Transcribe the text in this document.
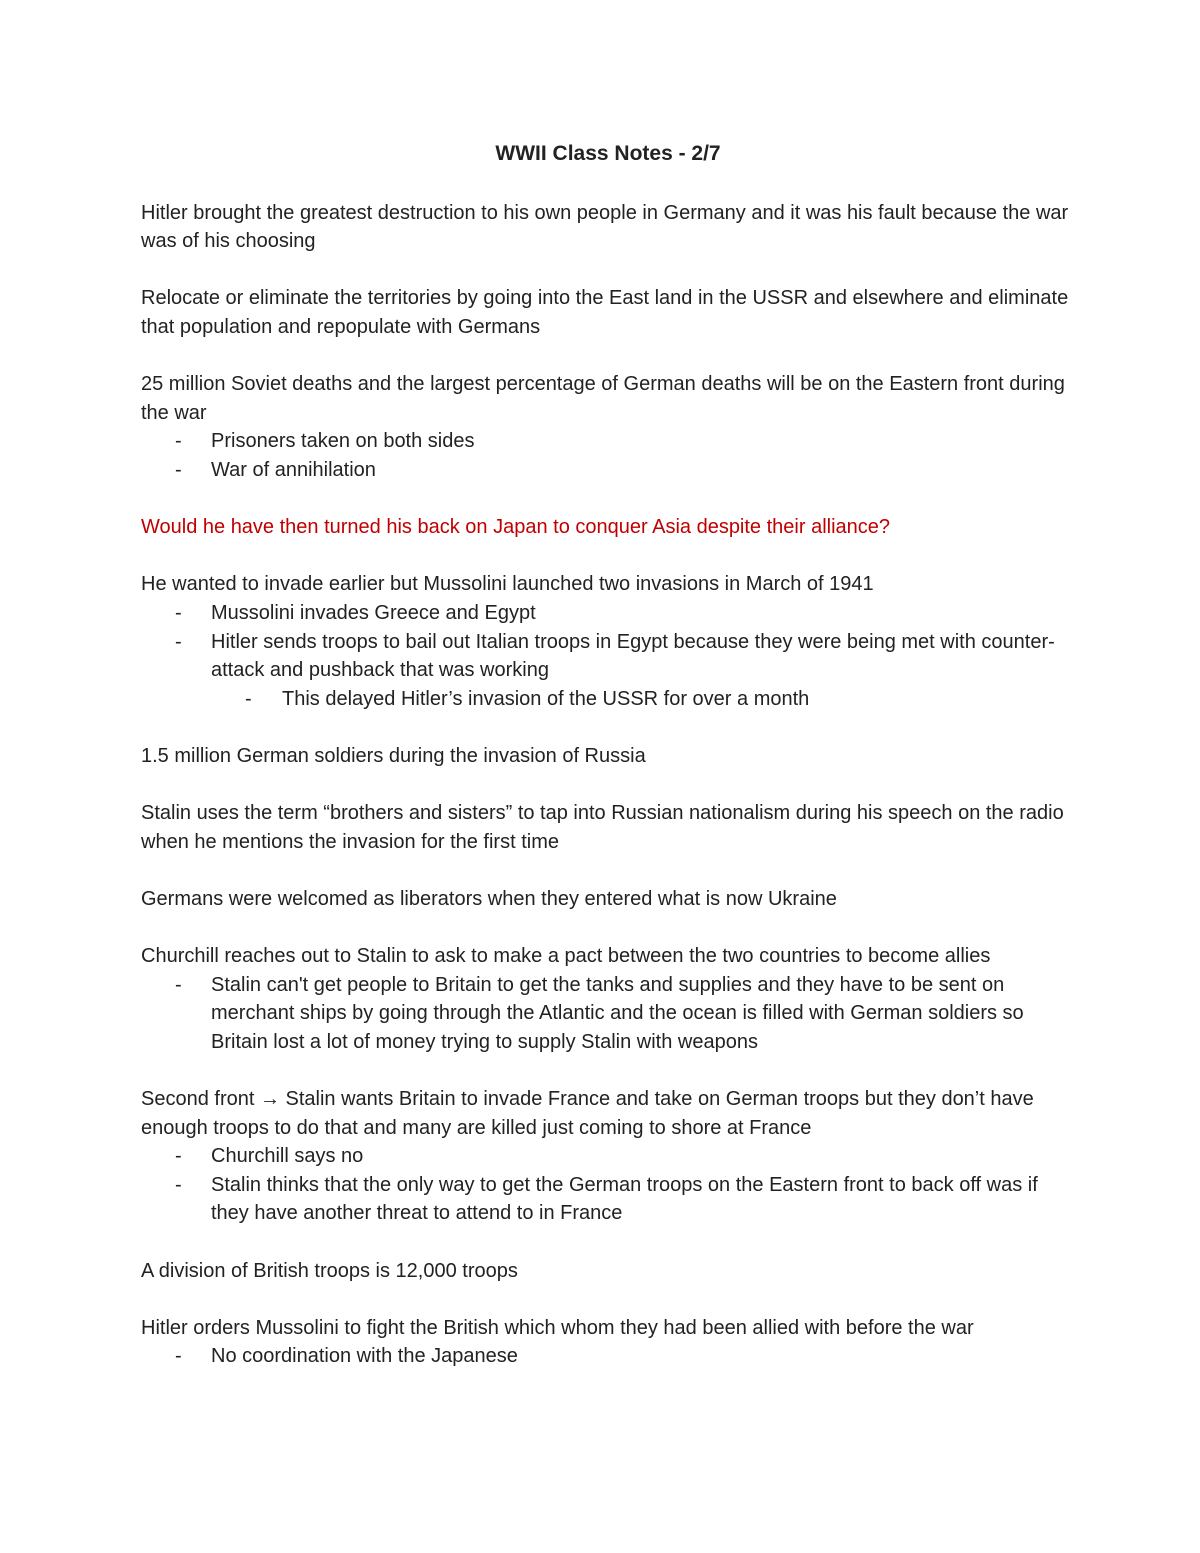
WWII Class Notes - 2/7

Hitler brought the greatest destruction to his own people in Germany and it was his fault because the war was of his choosing

Relocate or eliminate the territories by going into the East land in the USSR and elsewhere and eliminate that population and repopulate with Germans

25 million Soviet deaths and the largest percentage of German deaths will be on the Eastern front during the war

- Prisoners taken on both sides
- War of annihilation

Would he have then turned his back on Japan to conquer Asia despite their alliance?

He wanted to invade earlier but Mussolini launched two invasions in March of 1941

- Mussolini invades Greece and Egypt
- Hitler sends troops to bail out Italian troops in Egypt because they were being met with counter-attack and pushback that was working
- This delayed Hitler’s invasion of the USSR for over a month

1.5 million German soldiers during the invasion of Russia

Stalin uses the term “brothers and sisters” to tap into Russian nationalism during his speech on the radio when he mentions the invasion for the first time

Germans were welcomed as liberators when they entered what is now Ukraine

Churchill reaches out to Stalin to ask to make a pact between the two countries to become allies

- Stalin can't get people to Britain to get the tanks and supplies and they have to be sent on merchant ships by going through the Atlantic and the ocean is filled with German soldiers so Britain lost a lot of money trying to supply Stalin with weapons

Second front → Stalin wants Britain to invade France and take on German troops but they don’t have enough troops to do that and many are killed just coming to shore at France

- Churchill says no
- Stalin thinks that the only way to get the German troops on the Eastern front to back off was if they have another threat to attend to in France

A division of British troops is 12,000 troops

Hitler orders Mussolini to fight the British which whom they had been allied with before the war

- No coordination with the Japanese
